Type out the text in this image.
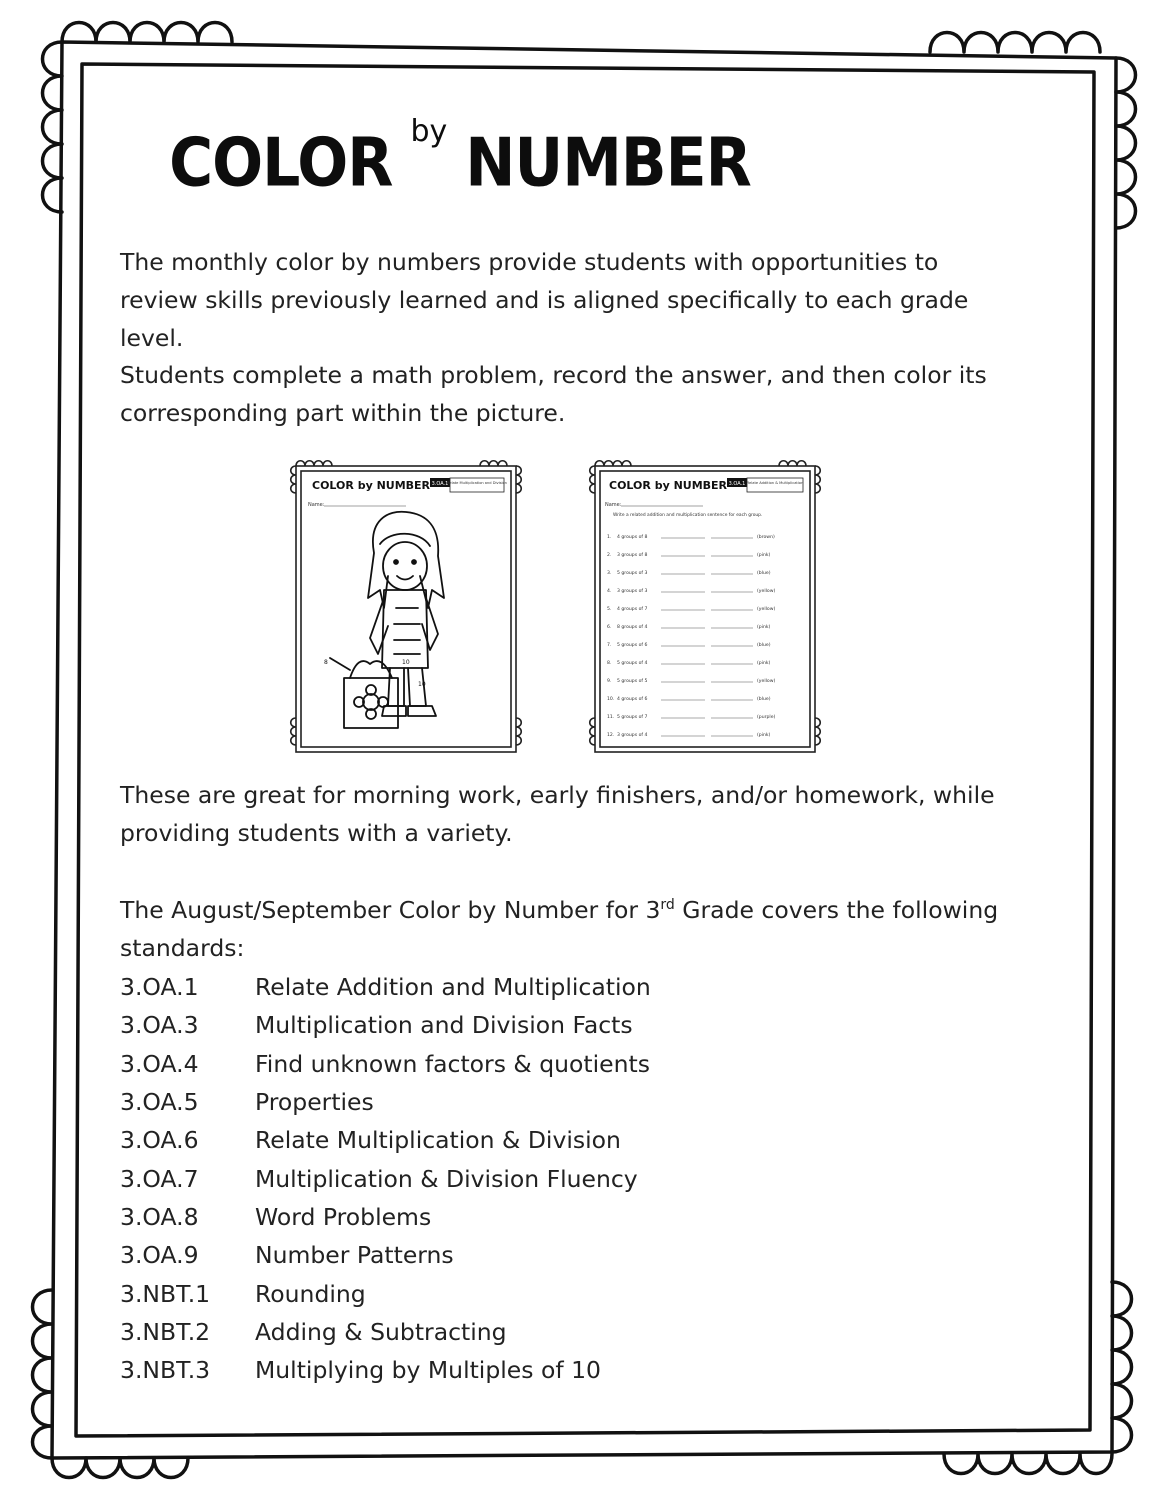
COLOR by NUMBER

The monthly color by numbers provide students with opportunities to review skills previously learned and is aligned specifically to each grade level.

Students complete a math problem, record the answer, and then color its corresponding part within the picture.

These are great for morning work, early finishers, and/or homework, while providing students with a variety.

The August/September Color by Number for 3rd Grade covers the following standards:

3.OA.1	Relate Addition and Multiplication
3.OA.3	Multiplication and Division Facts
3.OA.4	Find unknown factors & quotients
3.OA.5	Properties
3.OA.6	Relate Multiplication & Division
3.OA.7	Multiplication & Division Fluency
3.OA.8	Word Problems
3.OA.9	Number Patterns
3.NBT.1	Rounding
3.NBT.2	Adding & Subtracting
3.NBT.3	Multiplying by Multiples of 10
COLOR by NUMBER 3.OA.1
Relate Multiplication and Division
Name:
8	10
10
COLOR by NUMBER 3.OA.1 Relate Addition & Multiplication
Name:
Write a related addition and multiplication sentence for each group.
1. 4 groups of 8	(brown)
2. 3 groups of 8	(pink)
3. 5 groups of 3	(blue)
4. 3 groups of 3	(yellow)
5. 4 groups of 7	(yellow)
6. 8 groups of 4	(pink)
7. 5 groups of 6	(blue)
8. 5 groups of 4	(pink)
9. 5 groups of 5	(yellow)
10. 4 groups of 6	(blue)
11. 5 groups of 7	(purple)
12. 3 groups of 4	(pink)
